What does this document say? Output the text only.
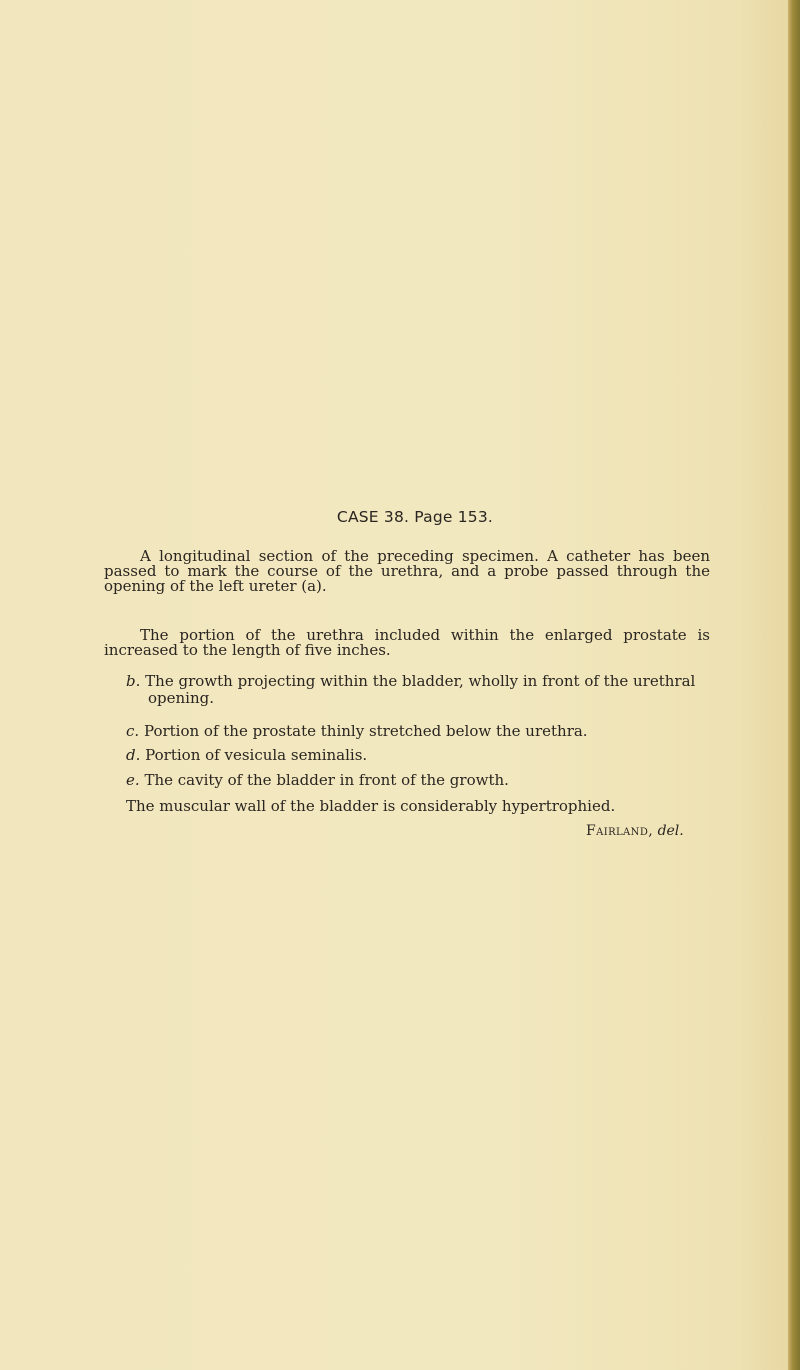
CASE 38. Page 153.

A longitudinal section of the preceding specimen. A catheter has been passed to mark the course of the urethra, and a probe passed through the opening of the left ureter (a).

The portion of the urethra included within the enlarged prostate is increased to the length of five inches.

b. The growth projecting within the bladder, wholly in front of the urethral opening.
c. Portion of the prostate thinly stretched below the urethra.
d. Portion of vesicula seminalis.
e. The cavity of the bladder in front of the growth.
The muscular wall of the bladder is considerably hypertrophied.
Fairland, del.
